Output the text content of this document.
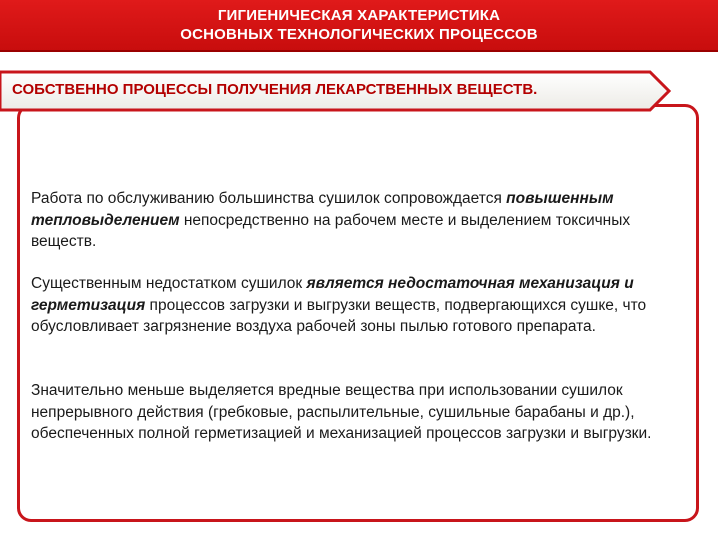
ГИГИЕНИЧЕСКАЯ ХАРАКТЕРИСТИКА
ОСНОВНЫХ ТЕХНОЛОГИЧЕСКИХ ПРОЦЕССОВ
СОБСТВЕННО ПРОЦЕССЫ ПОЛУЧЕНИЯ ЛЕКАРСТВЕННЫХ ВЕЩЕСТВ.
Работа по обслуживанию большинства сушилок сопровождается повышенным тепловыделением непосредственно на рабочем месте и выделением токсичных веществ.
Существенным недостатком сушилок является недостаточная механизация и герметизация процессов загрузки и выгрузки веществ, подвергающихся сушке, что обусловливает загрязнение воздуха рабочей зоны пылью готового препарата.
Значительно меньше выделяется вредные вещества при использовании сушилок непрерывного действия (гребковые, распылительные, сушильные барабаны и др.), обеспеченных полной герметизацией и механизацией процессов загрузки и выгрузки.
